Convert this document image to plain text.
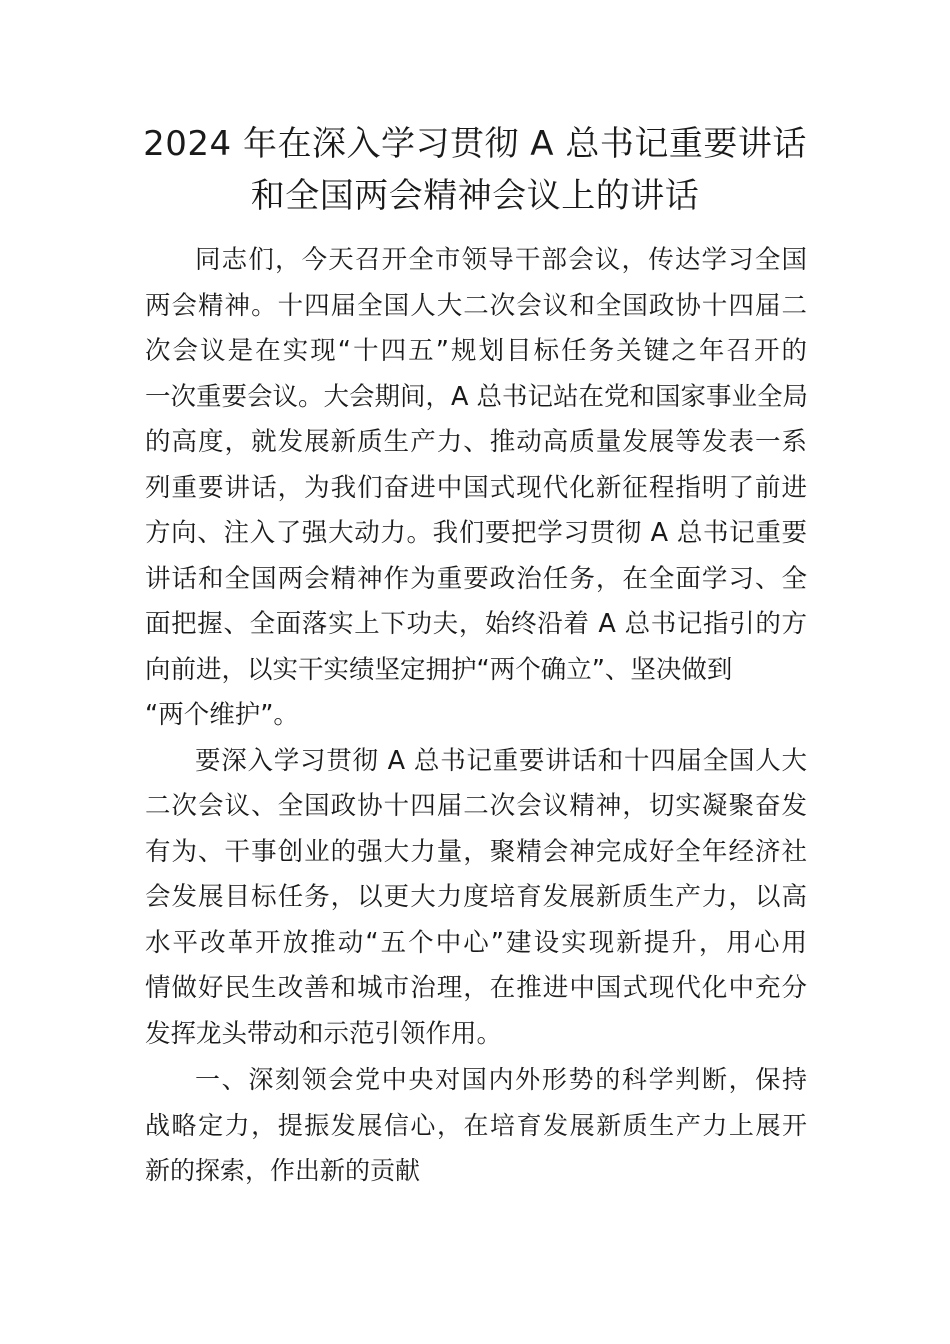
2024 年在深入学习贯彻 A 总书记重要讲话
和全国两会精神会议上的讲话

同志们，今天召开全市领导干部会议，传达学习全国
两会精神。十四届全国人大二次会议和全国政协十四届二
次会议是在实现“十四五”规划目标任务关键之年召开的
一次重要会议。大会期间，A 总书记站在党和国家事业全局
的高度，就发展新质生产力、推动高质量发展等发表一系
列重要讲话，为我们奋进中国式现代化新征程指明了前进
方向、注入了强大动力。我们要把学习贯彻 A 总书记重要
讲话和全国两会精神作为重要政治任务，在全面学习、全
面把握、全面落实上下功夫，始终沿着 A 总书记指引的方
向前进，以实干实绩坚定拥护“两个确立”、坚决做到
“两个维护”。

要深入学习贯彻 A 总书记重要讲话和十四届全国人大
二次会议、全国政协十四届二次会议精神，切实凝聚奋发
有为、干事创业的强大力量，聚精会神完成好全年经济社
会发展目标任务，以更大力度培育发展新质生产力，以高
水平改革开放推动“五个中心”建设实现新提升，用心用
情做好民生改善和城市治理，在推进中国式现代化中充分
发挥龙头带动和示范引领作用。

一、深刻领会党中央对国内外形势的科学判断，保持
战略定力，提振发展信心，在培育发展新质生产力上展开
新的探索，作出新的贡献
